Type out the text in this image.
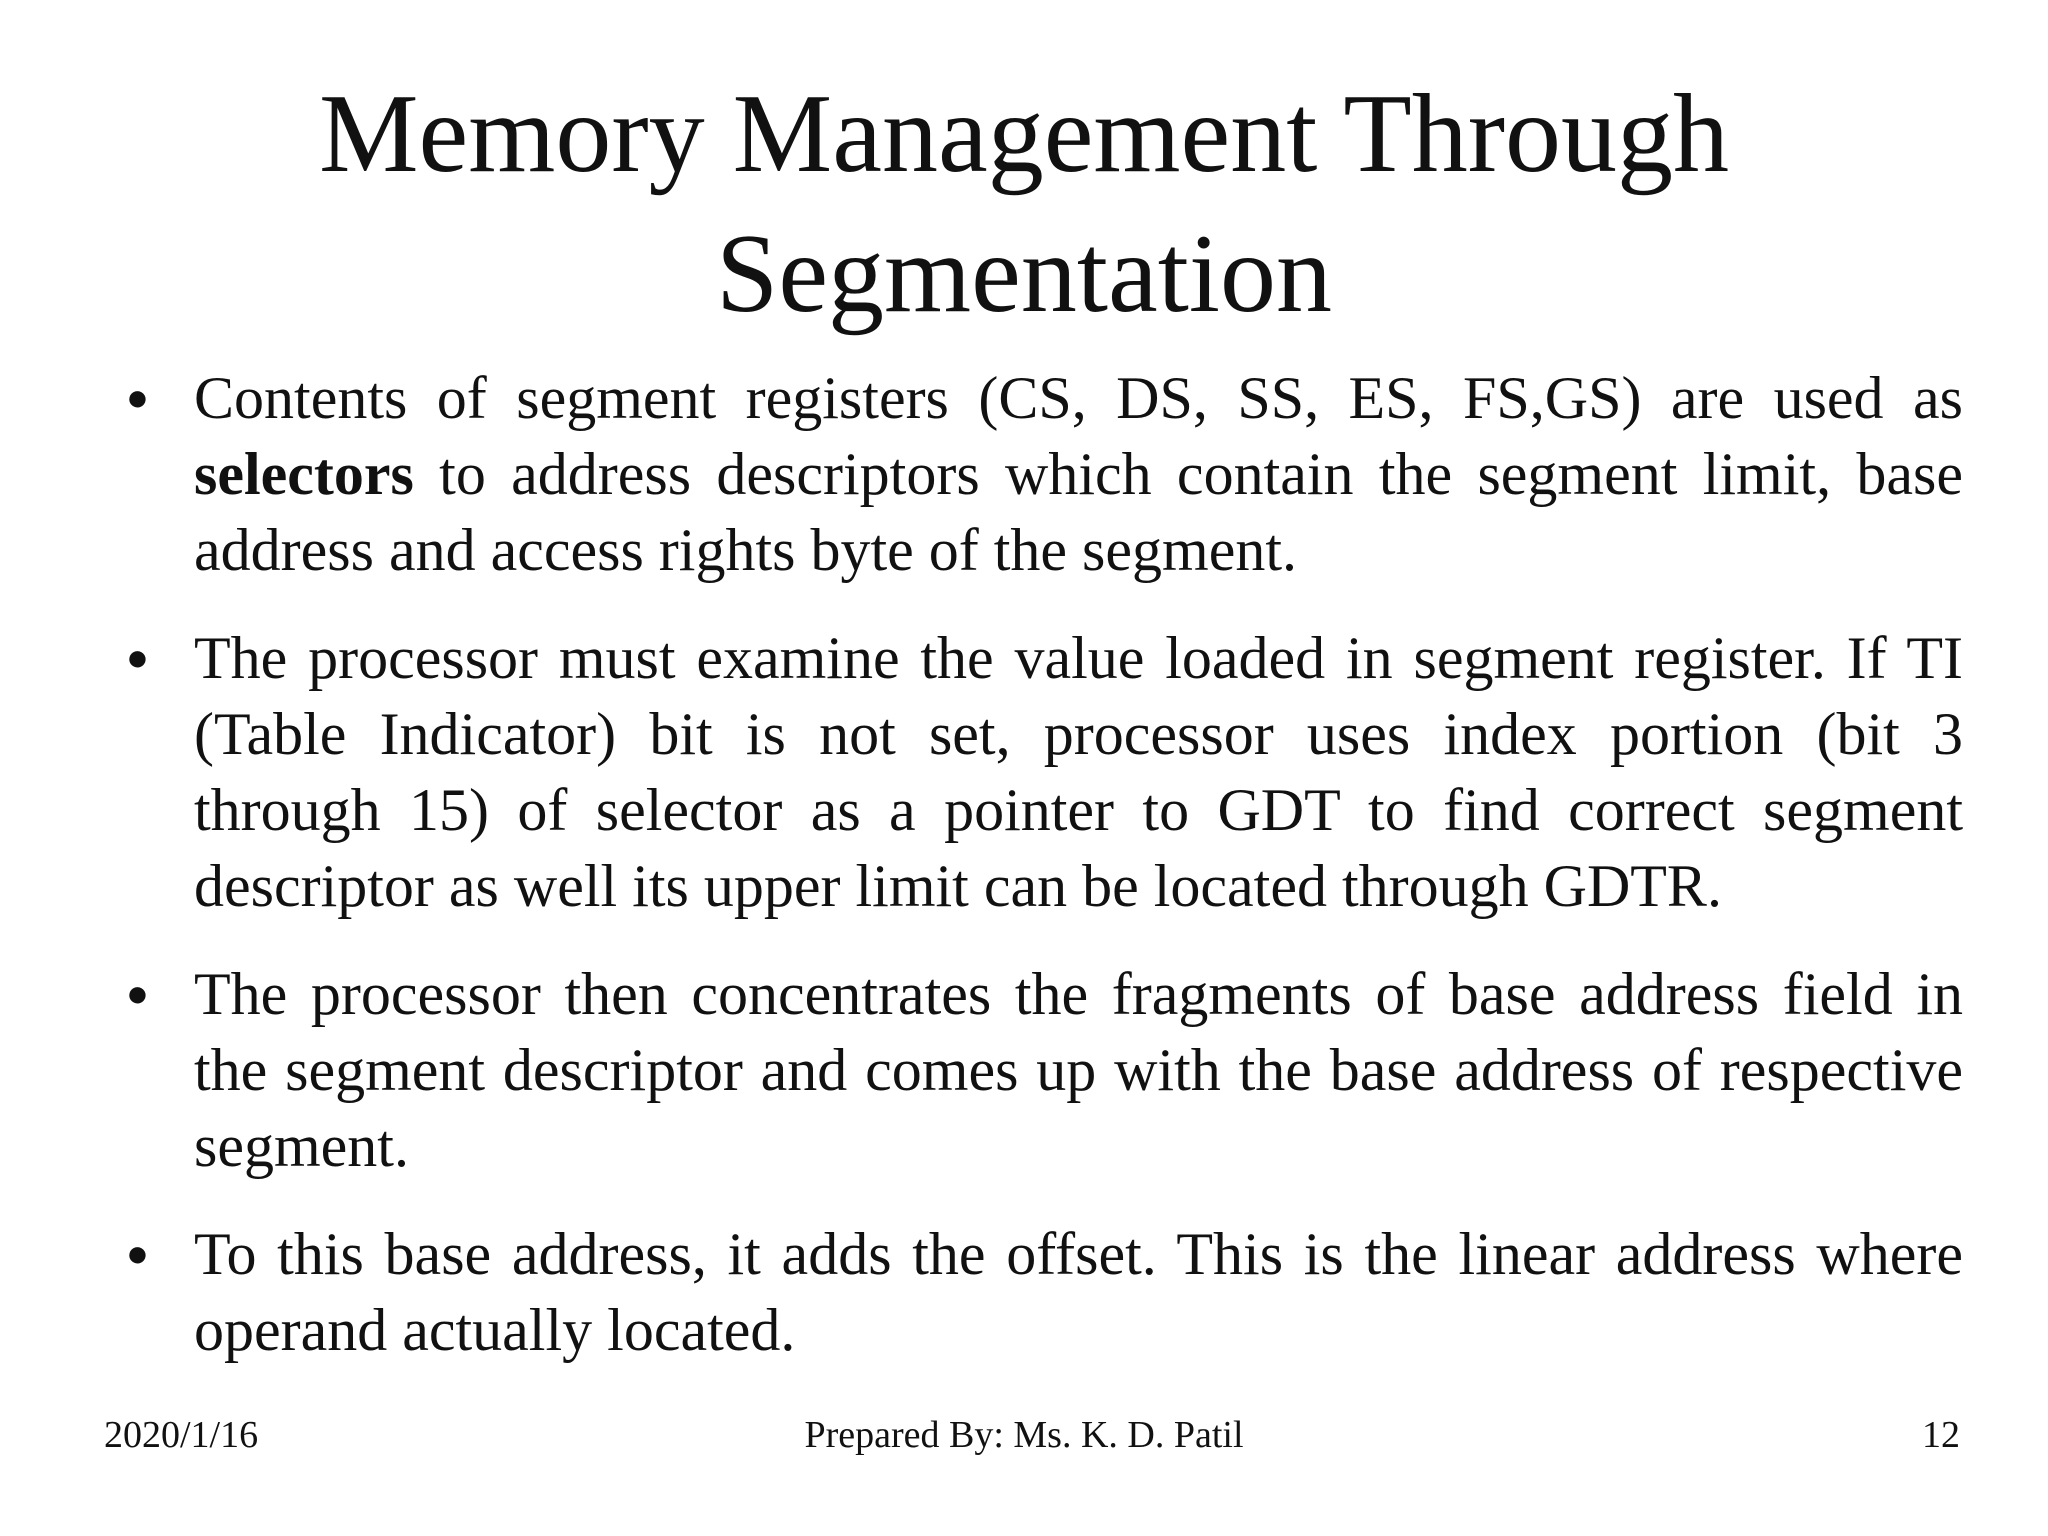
Memory Management Through
Segmentation
● Contents of segment registers (CS, DS, SS, ES, FS,GS) are used as selectors to address descriptors which contain the segment limit, base address and access rights byte of the segment.
● The processor must examine the value loaded in segment register. If TI (Table Indicator) bit is not set, processor uses index portion (bit 3 through 15) of selector as a pointer to GDT to find correct segment descriptor as well its upper limit can be located through GDTR.
● The processor then concentrates the fragments of base address field in the segment descriptor and comes up with the base address of respective segment.
● To this base address, it adds the offset. This is the linear address where operand actually located.
Prepared By: Ms. K. D. Patil
2020/1/16	12
